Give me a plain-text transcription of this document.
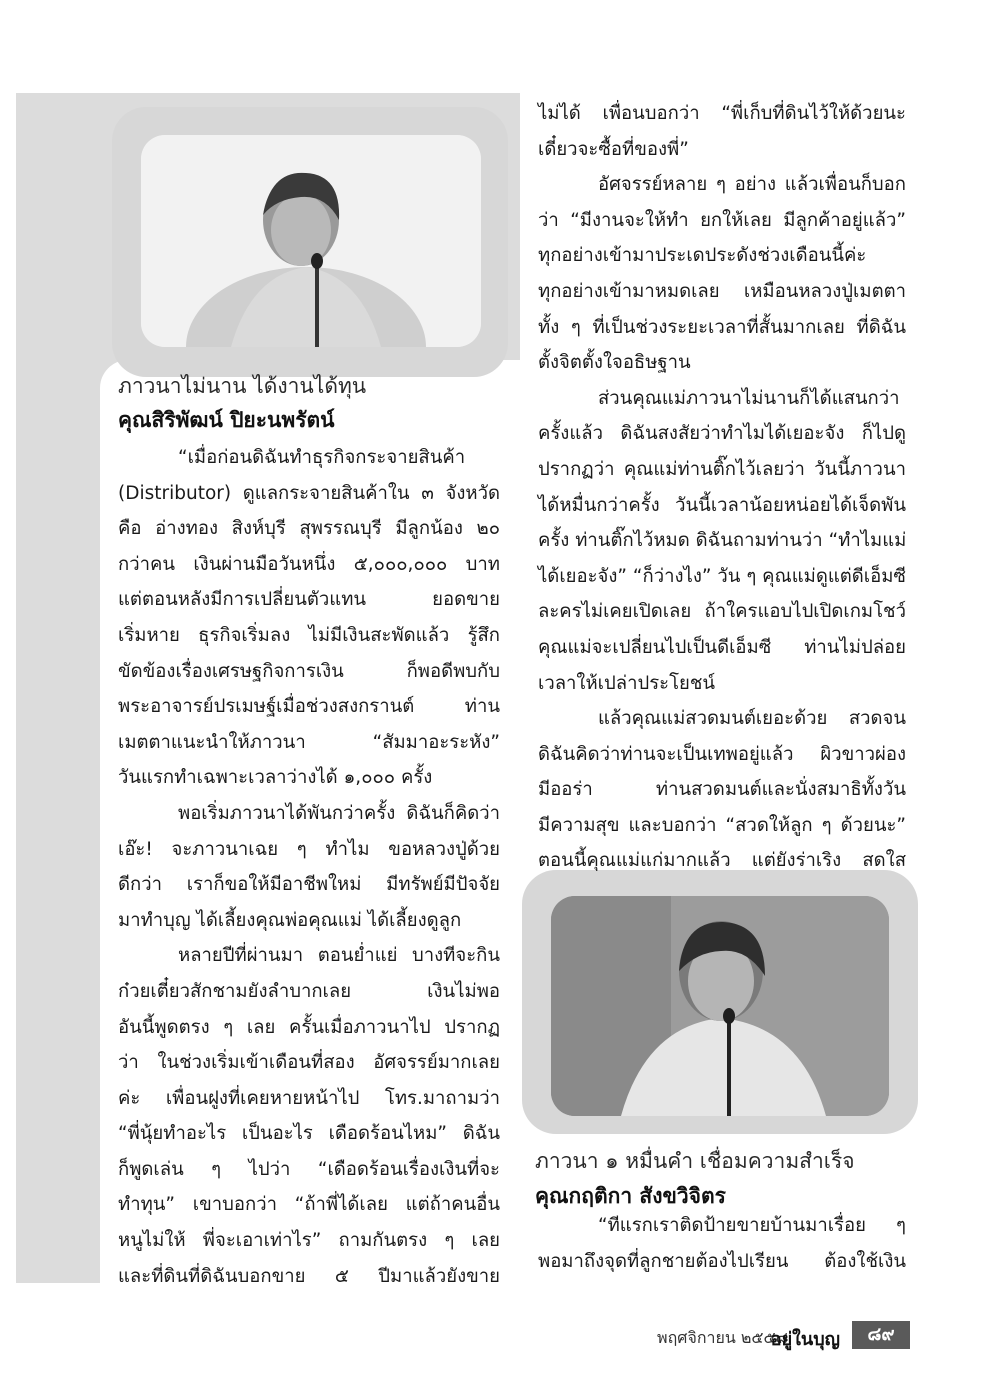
ภาวนาไม่นาน ได้งานได้ทุน
คุณสิริพัฒน์ ปิยะนพรัตน์
“เมื่อก่อนดิฉันทำธุรกิจกระจายสินค้า
(Distributor) ดูแลกระจายสินค้าใน ๓ จังหวัด
คือ อ่างทอง สิงห์บุรี สุพรรณบุรี มีลูกน้อง ๒๐
กว่าคน เงินผ่านมือวันหนึ่ง ๕,๐๐๐,๐๐๐ บาท
แต่ตอนหลังมีการเปลี่ยนตัวแทน ยอดขาย
เริ่มหาย ธุรกิจเริ่มลง ไม่มีเงินสะพัดแล้ว รู้สึก
ขัดข้องเรื่องเศรษฐกิจการเงิน ก็พอดีพบกับ
พระอาจารย์ปรเมษฐ์เมื่อช่วงสงกรานต์ ท่าน
เมตตาแนะนำให้ภาวนา “สัมมาอะระหัง”
วันแรกทำเฉพาะเวลาว่างได้ ๑,๐๐๐ ครั้ง
พอเริ่มภาวนาได้พันกว่าครั้ง ดิฉันก็คิดว่า
เอ๊ะ! จะภาวนาเฉย ๆ ทำไม ขอหลวงปู่ด้วย
ดีกว่า เราก็ขอให้มีอาชีพใหม่ มีทรัพย์มีปัจจัย
มาทำบุญ ได้เลี้ยงคุณพ่อคุณแม่ ได้เลี้ยงดูลูก
หลายปีที่ผ่านมา ตอนย่ำแย่ บางทีจะกิน
ก๋วยเตี๋ยวสักชามยังลำบากเลย เงินไม่พอ
อันนี้พูดตรง ๆ เลย ครั้นเมื่อภาวนาไป ปรากฏ
ว่า ในช่วงเริ่มเข้าเดือนที่สอง อัศจรรย์มากเลย
ค่ะ เพื่อนฝูงที่เคยหายหน้าไป โทร.มาถามว่า
“พี่นุ้ยทำอะไร เป็นอะไร เดือดร้อนไหม” ดิฉัน
ก็พูดเล่น ๆ ไปว่า “เดือดร้อนเรื่องเงินที่จะ
ทำทุน” เขาบอกว่า “ถ้าพี่ได้เลย แต่ถ้าคนอื่น
หนูไม่ให้ พี่จะเอาเท่าไร” ถามกันตรง ๆ เลย
และที่ดินที่ดิฉันบอกขาย ๕ ปีมาแล้วยังขาย
ไม่ได้ เพื่อนบอกว่า “พี่เก็บที่ดินไว้ให้ด้วยนะ
เดี๋ยวจะซื้อที่ของพี่”
อัศจรรย์หลาย ๆ อย่าง แล้วเพื่อนก็บอก
ว่า “มีงานจะให้ทำ ยกให้เลย มีลูกค้าอยู่แล้ว”
ทุกอย่างเข้ามาประเดประดังช่วงเดือนนี้ค่ะ
ทุกอย่างเข้ามาหมดเลย เหมือนหลวงปู่เมตตา
ทั้ง ๆ ที่เป็นช่วงระยะเวลาที่สั้นมากเลย ที่ดิฉัน
ตั้งจิตตั้งใจอธิษฐาน
ส่วนคุณแม่ภาวนาไม่นานก็ได้แสนกว่า
ครั้งแล้ว ดิฉันสงสัยว่าทำไมได้เยอะจัง ก็ไปดู
ปรากฏว่า คุณแม่ท่านติ๊กไว้เลยว่า วันนี้ภาวนา
ได้หมื่นกว่าครั้ง วันนี้เวลาน้อยหน่อยได้เจ็ดพัน
ครั้ง ท่านติ๊กไว้หมด ดิฉันถามท่านว่า “ทำไมแม่
ได้เยอะจัง” “ก็ว่างไง” วัน ๆ คุณแม่ดูแต่ดีเอ็มซี
ละครไม่เคยเปิดเลย ถ้าใครแอบไปเปิดเกมโชว์
คุณแม่จะเปลี่ยนไปเป็นดีเอ็มซี ท่านไม่ปล่อย
เวลาให้เปล่าประโยชน์
แล้วคุณแม่สวดมนต์เยอะด้วย สวดจน
ดิฉันคิดว่าท่านจะเป็นเทพอยู่แล้ว ผิวขาวผ่อง
มีออร่า ท่านสวดมนต์และนั่งสมาธิทั้งวัน
มีความสุข และบอกว่า “สวดให้ลูก ๆ ด้วยนะ”
ตอนนี้คุณแม่แก่มากแล้ว แต่ยังร่าเริง สดใส
ภาวนา ๑ หมื่นคำ เชื่อมความสำเร็จ
คุณกฤติกา สังขวิจิตร
“ทีแรกเราติดป้ายขายบ้านมาเรื่อย ๆ
พอมาถึงจุดที่ลูกชายต้องไปเรียน ต้องใช้เงิน
พฤศจิกายน ๒๕๕๘
อยู่ในบุญ	๘๙
